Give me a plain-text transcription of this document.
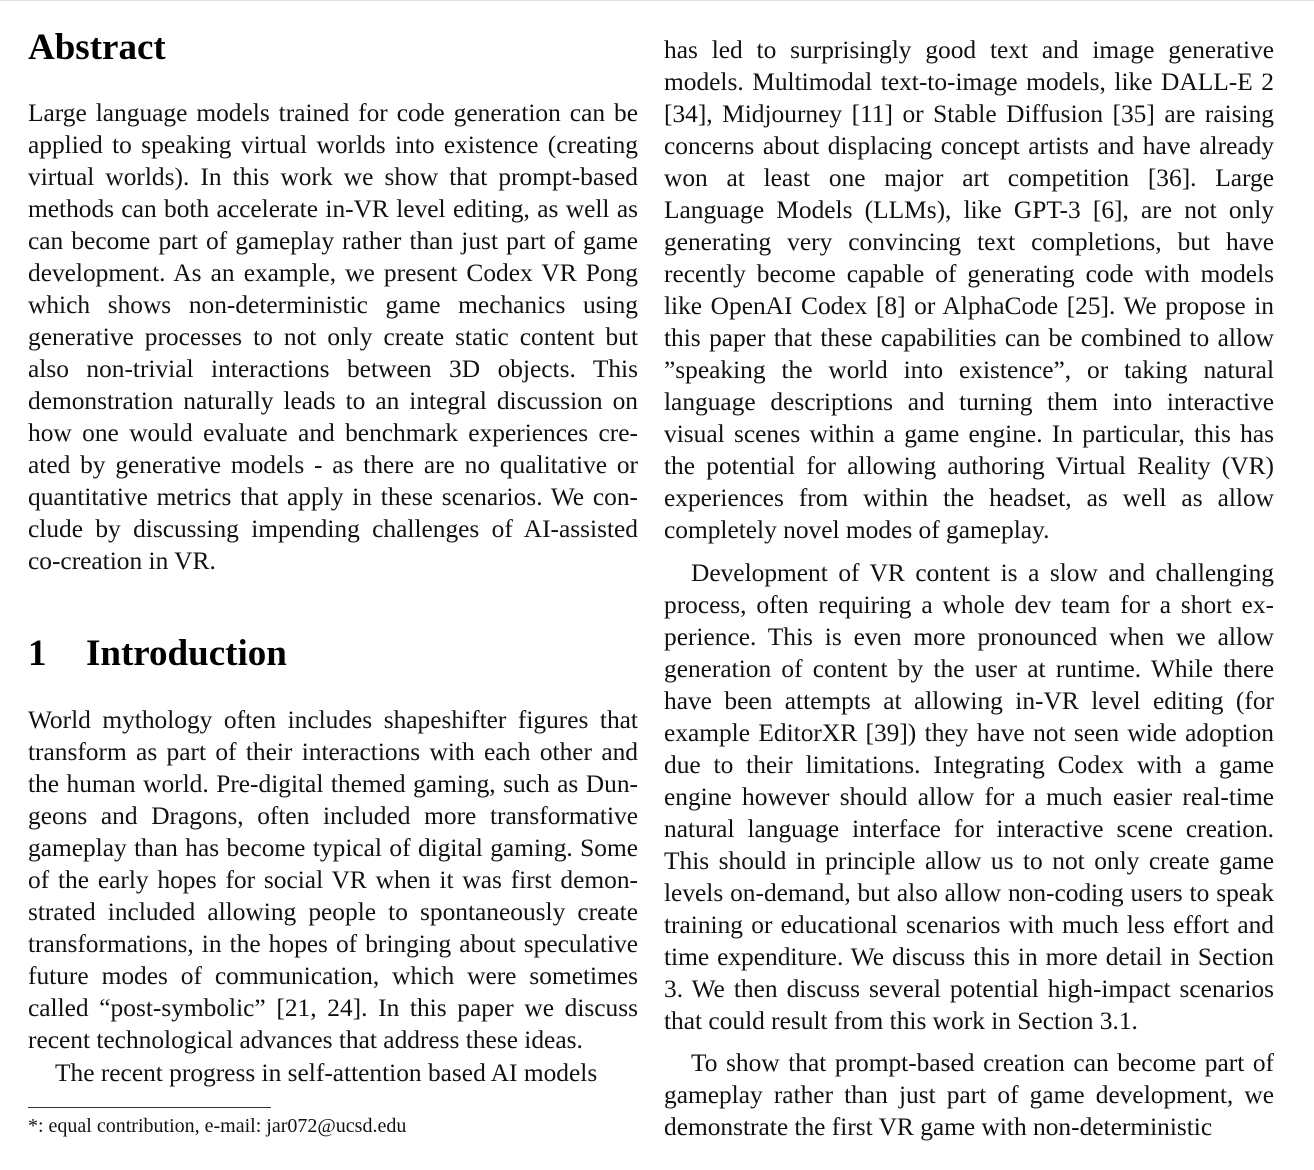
Abstract

Large language models trained for code generation can be applied to speaking virtual worlds into existence (creating virtual worlds). In this work we show that prompt-based methods can both accelerate in-VR level editing, as well as can become part of gameplay rather than just part of game development. As an example, we present Codex VR Pong which shows non-deterministic game mechanics using generative processes to not only create static content but also non-trivial interactions between 3D objects. This demonstration naturally leads to an integral discussion on how one would evaluate and benchmark experiences created by generative models - as there are no qualitative or quantitative metrics that apply in these scenarios. We conclude by discussing impending challenges of AI-assisted co-creation in VR.

1 Introduction

World mythology often includes shapeshifter figures that transform as part of their interactions with each other and the human world. Pre-digital themed gaming, such as Dungeons and Dragons, often included more transformative gameplay than has become typical of digital gaming. Some of the early hopes for social VR when it was first demonstrated included allowing people to spontaneously create transformations, in the hopes of bringing about speculative future modes of communication, which were sometimes called “post-symbolic” [21, 24]. In this paper we discuss recent technological advances that address these ideas.

The recent progress in self-attention based AI models

*: equal contribution, e-mail: jar072@ucsd.edu

has led to surprisingly good text and image generative models. Multimodal text-to-image models, like DALL-E 2 [34], Midjourney [11] or Stable Diffusion [35] are raising concerns about displacing concept artists and have already won at least one major art competition [36]. Large Language Models (LLMs), like GPT-3 [6], are not only generating very convincing text completions, but have recently become capable of generating code with models like OpenAI Codex [8] or AlphaCode [25]. We propose in this paper that these capabilities can be combined to allow ”speaking the world into existence”, or taking natural language descriptions and turning them into interactive visual scenes within a game engine. In particular, this has the potential for allowing authoring Virtual Reality (VR) experiences from within the headset, as well as allow completely novel modes of gameplay.

Development of VR content is a slow and challenging process, often requiring a whole dev team for a short experience. This is even more pronounced when we allow generation of content by the user at runtime. While there have been attempts at allowing in-VR level editing (for example EditorXR [39]) they have not seen wide adoption due to their limitations. Integrating Codex with a game engine however should allow for a much easier real-time natural language interface for interactive scene creation. This should in principle allow us to not only create game levels on-demand, but also allow non-coding users to speak training or educational scenarios with much less effort and time expenditure. We discuss this in more detail in Section 3. We then discuss several potential high-impact scenarios that could result from this work in Section 3.1.

To show that prompt-based creation can become part of gameplay rather than just part of game development, we demonstrate the first VR game with non-deterministic
